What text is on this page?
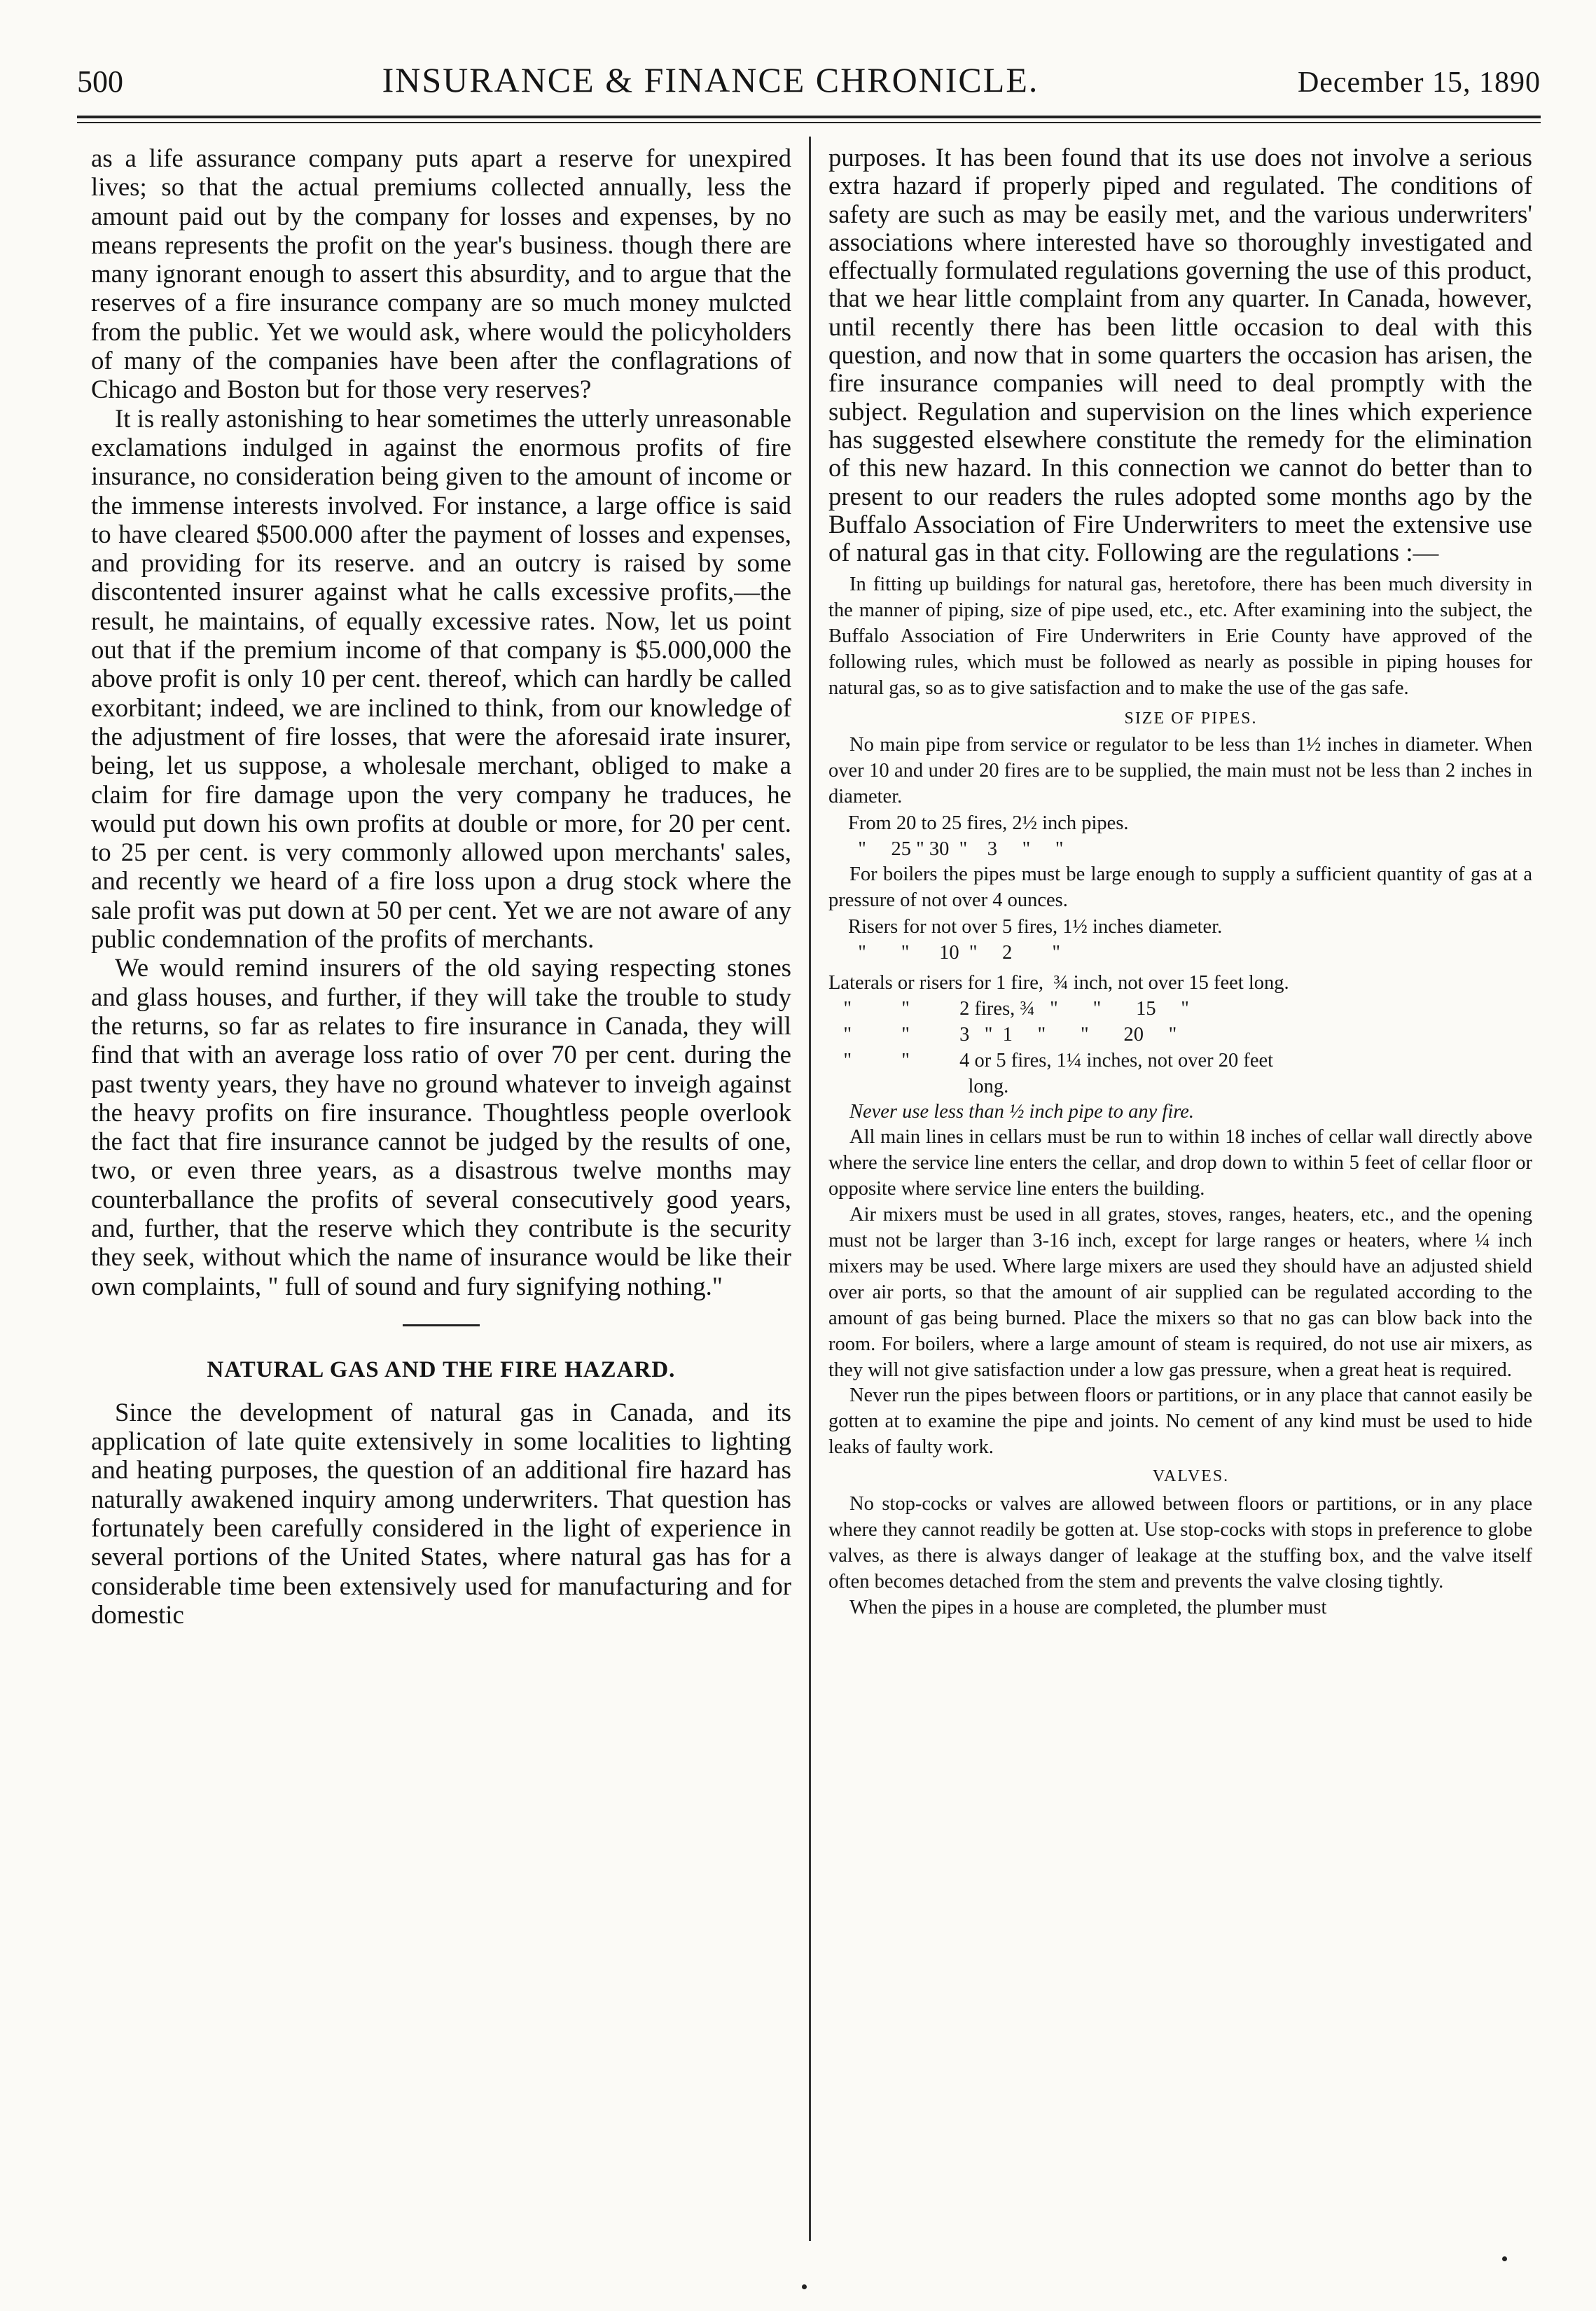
500	INSURANCE & FINANCE CHRONICLE.	December 15, 1890

as a life assurance company puts apart a reserve for unexpired lives; so that the actual premiums collected annually, less the amount paid out by the company for losses and expenses, by no means represents the profit on the year's business. though there are many ignorant enough to assert this absurdity, and to argue that the reserves of a fire insurance company are so much money mulcted from the public. Yet we would ask, where would the policyholders of many of the companies have been after the conflagrations of Chicago and Boston but for those very reserves?

It is really astonishing to hear sometimes the utterly unreasonable exclamations indulged in against the enormous profits of fire insurance, no consideration being given to the amount of income or the immense interests involved. For instance, a large office is said to have cleared $500.000 after the payment of losses and expenses, and providing for its reserve. and an outcry is raised by some discontented insurer against what he calls excessive profits,—the result, he maintains, of equally excessive rates. Now, let us point out that if the premium income of that company is $5.000,000 the above profit is only 10 per cent. thereof, which can hardly be called exorbitant; indeed, we are inclined to think, from our knowledge of the adjustment of fire losses, that were the aforesaid irate insurer, being, let us suppose, a wholesale merchant, obliged to make a claim for fire damage upon the very company he traduces, he would put down his own profits at double or more, for 20 per cent. to 25 per cent. is very commonly allowed upon merchants' sales, and recently we heard of a fire loss upon a drug stock where the sale profit was put down at 50 per cent. Yet we are not aware of any public condemnation of the profits of merchants.

We would remind insurers of the old saying respecting stones and glass houses, and further, if they will take the trouble to study the returns, so far as relates to fire insurance in Canada, they will find that with an average loss ratio of over 70 per cent. during the past twenty years, they have no ground whatever to inveigh against the heavy profits on fire insurance. Thoughtless people overlook the fact that fire insurance cannot be judged by the results of one, two, or even three years, as a disastrous twelve months may counterballance the profits of several consecutively good years, and, further, that the reserve which they contribute is the security they seek, without which the name of insurance would be like their own complaints, " full of sound and fury signifying nothing."

NATURAL GAS AND THE FIRE HAZARD.

Since the development of natural gas in Canada, and its application of late quite extensively in some localities to lighting and heating purposes, the question of an additional fire hazard has naturally awakened inquiry among underwriters. That question has fortunately been carefully considered in the light of experience in several portions of the United States, where natural gas has for a considerable time been extensively used for manufacturing and for domestic

purposes. It has been found that its use does not involve a serious extra hazard if properly piped and regulated. The conditions of safety are such as may be easily met, and the various underwriters' associations where interested have so thoroughly investigated and effectually formulated regulations governing the use of this product, that we hear little complaint from any quarter. In Canada, however, until recently there has been little occasion to deal with this question, and now that in some quarters the occasion has arisen, the fire insurance companies will need to deal promptly with the subject. Regulation and supervision on the lines which experience has suggested elsewhere constitute the remedy for the elimination of this new hazard. In this connection we cannot do better than to present to our readers the rules adopted some months ago by the Buffalo Association of Fire Underwriters to meet the extensive use of natural gas in that city. Following are the regulations :—

In fitting up buildings for natural gas, heretofore, there has been much diversity in the manner of piping, size of pipe used, etc., etc. After examining into the subject, the Buffalo Association of Fire Underwriters in Erie County have approved of the following rules, which must be followed as nearly as possible in piping houses for natural gas, so as to give satisfaction and to make the use of the gas safe.

SIZE OF PIPES.

No main pipe from service or regulator to be less than 1½ inches in diameter. When over 10 and under 20 fires are to be supplied, the main must not be less than 2 inches in diameter.

From 20 to 25 fires, 2½ inch pipes.
"     25 " 30  "    3     "     "

For boilers the pipes must be large enough to supply a sufficient quantity of gas at a pressure of not over 4 ounces.

Risers for not over 5 fires, 1½ inches diameter.
"       "      10  "     2        "
Laterals or risers for 1 fire,  ¾ inch, not over 15 feet long.
"          "          2 fires, ¾   "       "       15     "
"          "          3   "  1     "       "       20     "
"          "          4 or 5 fires, 1¼ inches, not over 20 feet
long.

Never use less than ½ inch pipe to any fire.

All main lines in cellars must be run to within 18 inches of cellar wall directly above where the service line enters the cellar, and drop down to within 5 feet of cellar floor or opposite where service line enters the building.

Air mixers must be used in all grates, stoves, ranges, heaters, etc., and the opening must not be larger than 3-16 inch, except for large ranges or heaters, where ¼ inch mixers may be used. Where large mixers are used they should have an adjusted shield over air ports, so that the amount of air supplied can be regulated according to the amount of gas being burned. Place the mixers so that no gas can blow back into the room. For boilers, where a large amount of steam is required, do not use air mixers, as they will not give satisfaction under a low gas pressure, when a great heat is required.

Never run the pipes between floors or partitions, or in any place that cannot easily be gotten at to examine the pipe and joints. No cement of any kind must be used to hide leaks of faulty work.

VALVES.

No stop-cocks or valves are allowed between floors or partitions, or in any place where they cannot readily be gotten at. Use stop-cocks with stops in preference to globe valves, as there is always danger of leakage at the stuffing box, and the valve itself often becomes detached from the stem and prevents the valve closing tightly.

When the pipes in a house are completed, the plumber must
